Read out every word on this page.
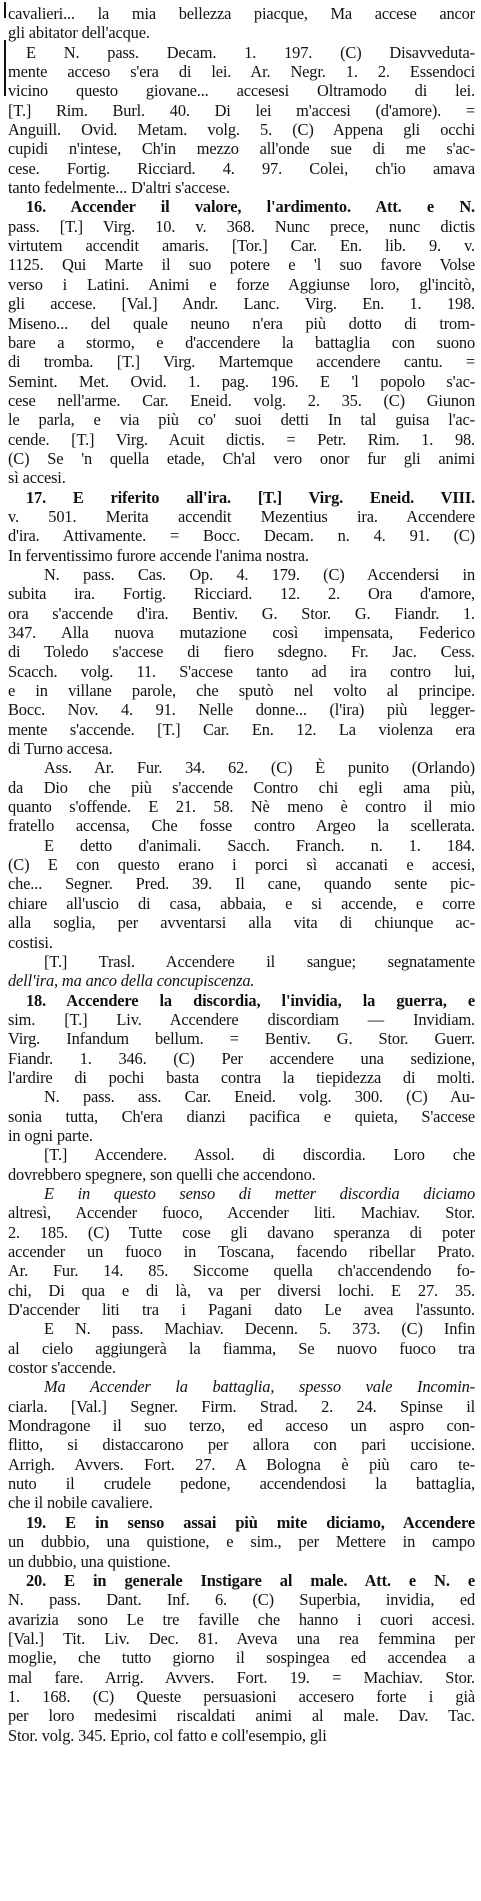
cavalieri... la mia bellezza piacque, Ma accese ancor
gli abitator dell'acque.
E N. pass. Decam. 1. 197. (C) Disavveduta-
mente acceso s'era di lei. Ar. Negr. 1. 2. Essendoci
vicino questo giovane... accesesi Oltramodo di lei.
[T.] Rim. Burl. 40. Di lei m'accesi (d'amore). =
Anguill. Ovid. Metam. volg. 5. (C) Appena gli occhi
cupidi n'intese, Ch'in mezzo all'onde sue di me s'ac-
cese. Fortig. Ricciard. 4. 97. Colei, ch'io amava
tanto fedelmente... D'altri s'accese.
16. Accender il valore, l'ardimento. Att. e N.
pass. [T.] Virg. 10. v. 368. Nunc prece, nunc dictis
virtutem accendit amaris. [Tor.] Car. En. lib. 9. v.
1125. Qui Marte il suo potere e 'l suo favore Volse
verso i Latini. Animi e forze Aggiunse loro, gl'incitò,
gli accese. [Val.] Andr. Lanc. Virg. En. 1. 198.
Miseno... del quale neuno n'era più dotto di trom-
bare a stormo, e d'accendere la battaglia con suono
di tromba. [T.] Virg. Martemque accendere cantu. =
Semint. Met. Ovid. 1. pag. 196. E 'l popolo s'ac-
cese nell'arme. Car. Eneid. volg. 2. 35. (C) Giunon
le parla, e via più co' suoi detti In tal guisa l'ac-
cende. [T.] Virg. Acuit dictis. = Petr. Rim. 1. 98.
(C) Se 'n quella etade, Ch'al vero onor fur gli animi
sì accesi.
17. E riferito all'ira. [T.] Virg. Eneid. VIII.
v. 501. Merita accendit Mezentius ira. Accendere
d'ira. Attivamente. = Bocc. Decam. n. 4. 91. (C)
In ferventissimo furore accende l'anima nostra.
N. pass. Cas. Op. 4. 179. (C) Accendersi in
subita ira. Fortig. Ricciard. 12. 2. Ora d'amore,
ora s'accende d'ira. Bentiv. G. Stor. G. Fiandr. 1.
347. Alla nuova mutazione così impensata, Federico
di Toledo s'accese di fiero sdegno. Fr. Jac. Cess.
Scacch. volg. 11. S'accese tanto ad ira contro lui,
e in villane parole, che sputò nel volto al principe.
Bocc. Nov. 4. 91. Nelle donne... (l'ira) più legger-
mente s'accende. [T.] Car. En. 12. La violenza era
di Turno accesa.
Ass. Ar. Fur. 34. 62. (C) È punito (Orlando)
da Dio che più s'accende Contro chi egli ama più,
quanto s'offende. E 21. 58. Nè meno è contro il mio
fratello accensa, Che fosse contro Argeo la scellerata.
E detto d'animali. Sacch. Franch. n. 1. 184.
(C) E con questo erano i porci sì accanati e accesi,
che... Segner. Pred. 39. Il cane, quando sente pic-
chiare all'uscio di casa, abbaia, e si accende, e corre
alla soglia, per avventarsi alla vita di chiunque ac-
costisi.
[T.] Trasl. Accendere il sangue; segnatamente
dell'ira, ma anco della concupiscenza.
18. Accendere la discordia, l'invidia, la guerra, e
sim. [T.] Liv. Accendere discordiam — Invidiam.
Virg. Infandum bellum. = Bentiv. G. Stor. Guerr.
Fiandr. 1. 346. (C) Per accendere una sedizione,
l'ardire di pochi basta contra la tiepidezza di molti.
N. pass. ass. Car. Eneid. volg. 300. (C) Au-
sonia tutta, Ch'era dianzi pacifica e quieta, S'accese
in ogni parte.
[T.] Accendere. Assol. di discordia. Loro che
dovrebbero spegnere, son quelli che accendono.
E in questo senso di metter discordia diciamo
altresì, Accender fuoco, Accender liti. Machiav. Stor.
2. 185. (C) Tutte cose gli davano speranza di poter
accender un fuoco in Toscana, facendo ribellar Prato.
Ar. Fur. 14. 85. Siccome quella ch'accendendo fo-
chi, Di qua e di là, va per diversi lochi. E 27. 35.
D'accender liti tra i Pagani dato Le avea l'assunto.
E N. pass. Machiav. Decenn. 5. 373. (C) Infin
al cielo aggiungerà la fiamma, Se nuovo fuoco tra
costor s'accende.
Ma Accender la battaglia, spesso vale Incomin-
ciarla. [Val.] Segner. Firm. Strad. 2. 24. Spinse il
Mondragone il suo terzo, ed acceso un aspro con-
flitto, si distaccarono per allora con pari uccisione.
Arrigh. Avvers. Fort. 27. A Bologna è più caro te-
nuto il crudele pedone, accendendosi la battaglia,
che il nobile cavaliere.
19. E in senso assai più mite diciamo, Accendere
un dubbio, una quistione, e sim., per Mettere in campo
un dubbio, una quistione.
20. E in generale Instigare al male. Att. e N. e
N. pass. Dant. Inf. 6. (C) Superbia, invidia, ed
avarizia sono Le tre faville che hanno i cuori accesi.
[Val.] Tit. Liv. Dec. 81. Aveva una rea femmina per
moglie, che tutto giorno il sospingea ed accendea a
mal fare. Arrig. Avvers. Fort. 19. = Machiav. Stor.
1. 168. (C) Queste persuasioni accesero forte i già
per loro medesimi riscaldati animi al male. Dav. Tac.
Stor. volg. 345. Eprio, col fatto e coll'esempio, gli
